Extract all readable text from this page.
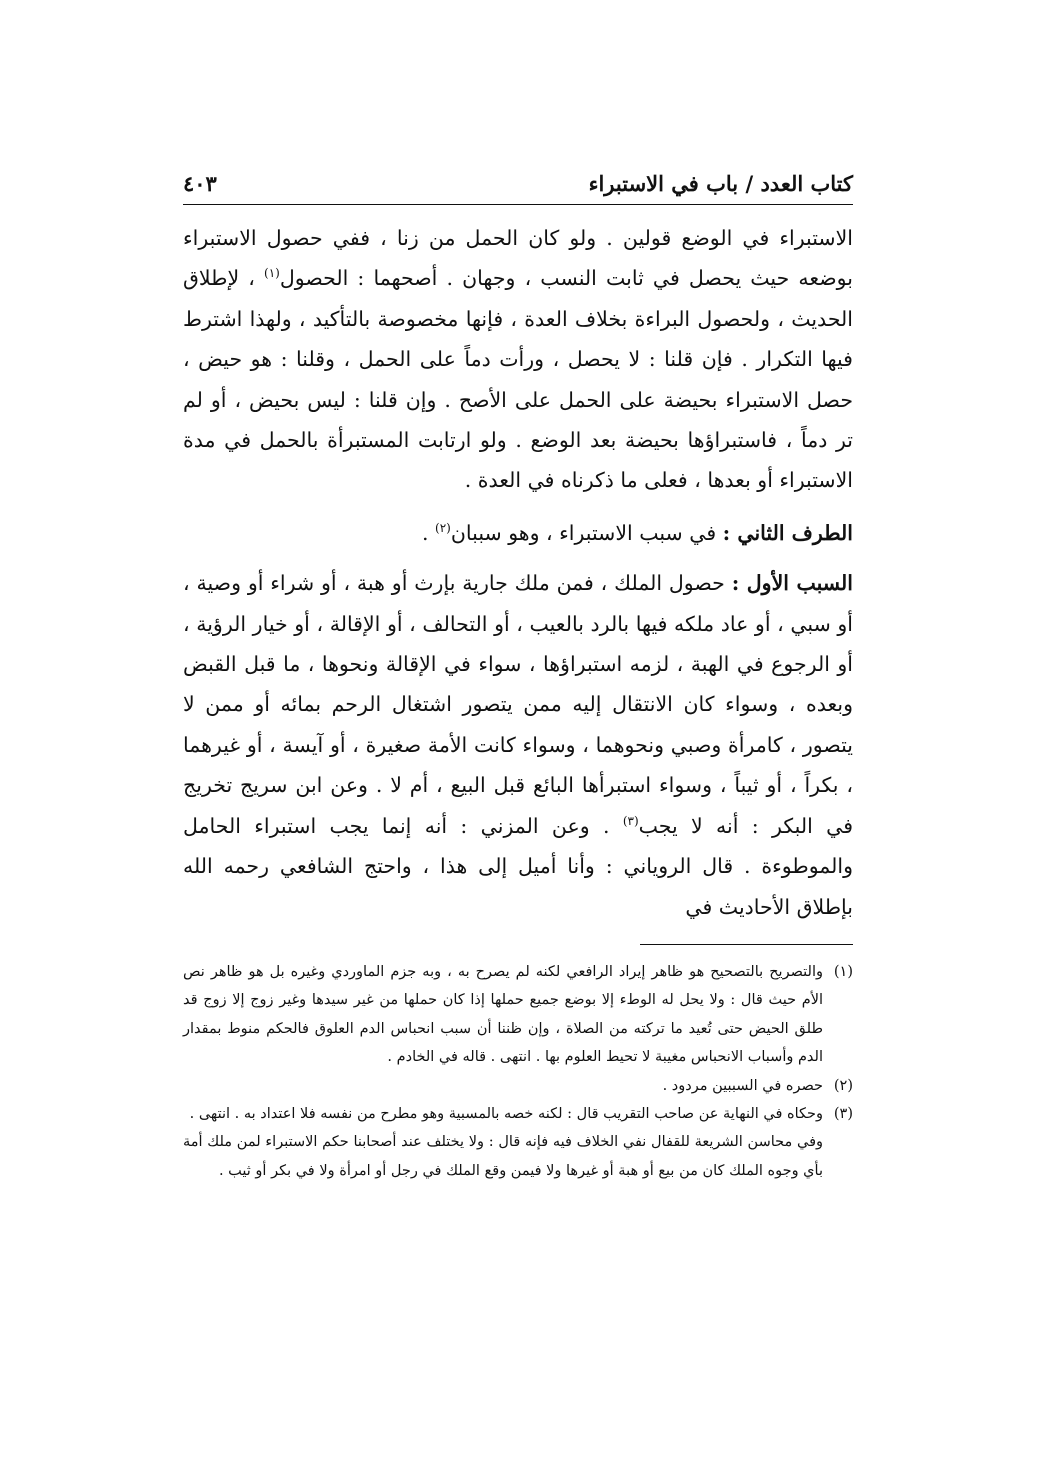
كتاب العدد / باب في الاستبراء
٤٠٣

الاستبراء في الوضع قولين . ولو كان الحمل من زنا ، ففي حصول الاستبراء بوضعه حيث يحصل في ثابت النسب ، وجهان . أصحهما : الحصول$^{(١)}$ ، لإطلاق الحديث ، ولحصول البراءة بخلاف العدة ، فإنها مخصوصة بالتأكيد ، ولهذا اشترط فيها التكرار . فإن قلنا : لا يحصل ، ورأت دماً على الحمل ، وقلنا : هو حيض ، حصل الاستبراء بحيضة على الحمل على الأصح . وإن قلنا : ليس بحيض ، أو لم تر دماً ، فاستبراؤها بحيضة بعد الوضع . ولو ارتابت المستبرأة بالحمل في مدة الاستبراء أو بعدها ، فعلى ما ذكرناه في العدة .

الطرف الثاني : في سبب الاستبراء ، وهو سببان$^{(٢)}$ .

السبب الأول : حصول الملك ، فمن ملك جارية بإرث أو هبة ، أو شراء أو وصية ، أو سبي ، أو عاد ملكه فيها بالرد بالعيب ، أو التحالف ، أو الإقالة ، أو خيار الرؤية ، أو الرجوع في الهبة ، لزمه استبراؤها ، سواء في الإقالة ونحوها ، ما قبل القبض وبعده ، وسواء كان الانتقال إليه ممن يتصور اشتغال الرحم بمائه أو ممن لا يتصور ، كامرأة وصبي ونحوهما ، وسواء كانت الأمة صغيرة ، أو آيسة ، أو غيرهما ، بكراً ، أو ثيباً ، وسواء استبرأها البائع قبل البيع ، أم لا . وعن ابن سريج تخريج في البكر : أنه لا يجب$^{(٣)}$ . وعن المزني : أنه إنما يجب استبراء الحامل والموطوءة . قال الروياني : وأنا أميل إلى هذا ، واحتج الشافعي رحمه الله بإطلاق الأحاديث في

(١)
والتصريح بالتصحيح هو ظاهر إيراد الرافعي لكنه لم يصرح به ، وبه جزم الماوردي وغيره بل هو ظاهر نص الأم حيث قال : ولا يحل له الوطء إلا بوضع جميع حملها إذا كان حملها من غير سيدها وغير زوج إلا زوج قد طلق الحيض حتى تُعيد ما تركته من الصلاة ، وإن ظننا أن سبب انحباس الدم العلوق فالحكم منوط بمقدار الدم وأسباب الانحباس مغيبة لا تحيط العلوم بها . انتهى . قاله في الخادم .
(٢)
حصره في السببين مردود .
(٣)
وحكاه في النهاية عن صاحب التقريب قال : لكنه خصه بالمسبية وهو مطرح من نفسه فلا اعتداد به . انتهى .

وفي محاسن الشريعة للقفال نفي الخلاف فيه فإنه قال : ولا يختلف عند أصحابنا حكم الاستبراء لمن ملك أمة بأي وجوه الملك كان من بيع أو هبة أو غيرها ولا فيمن وقع الملك في رجل أو امرأة ولا في بكر أو ثيب .
